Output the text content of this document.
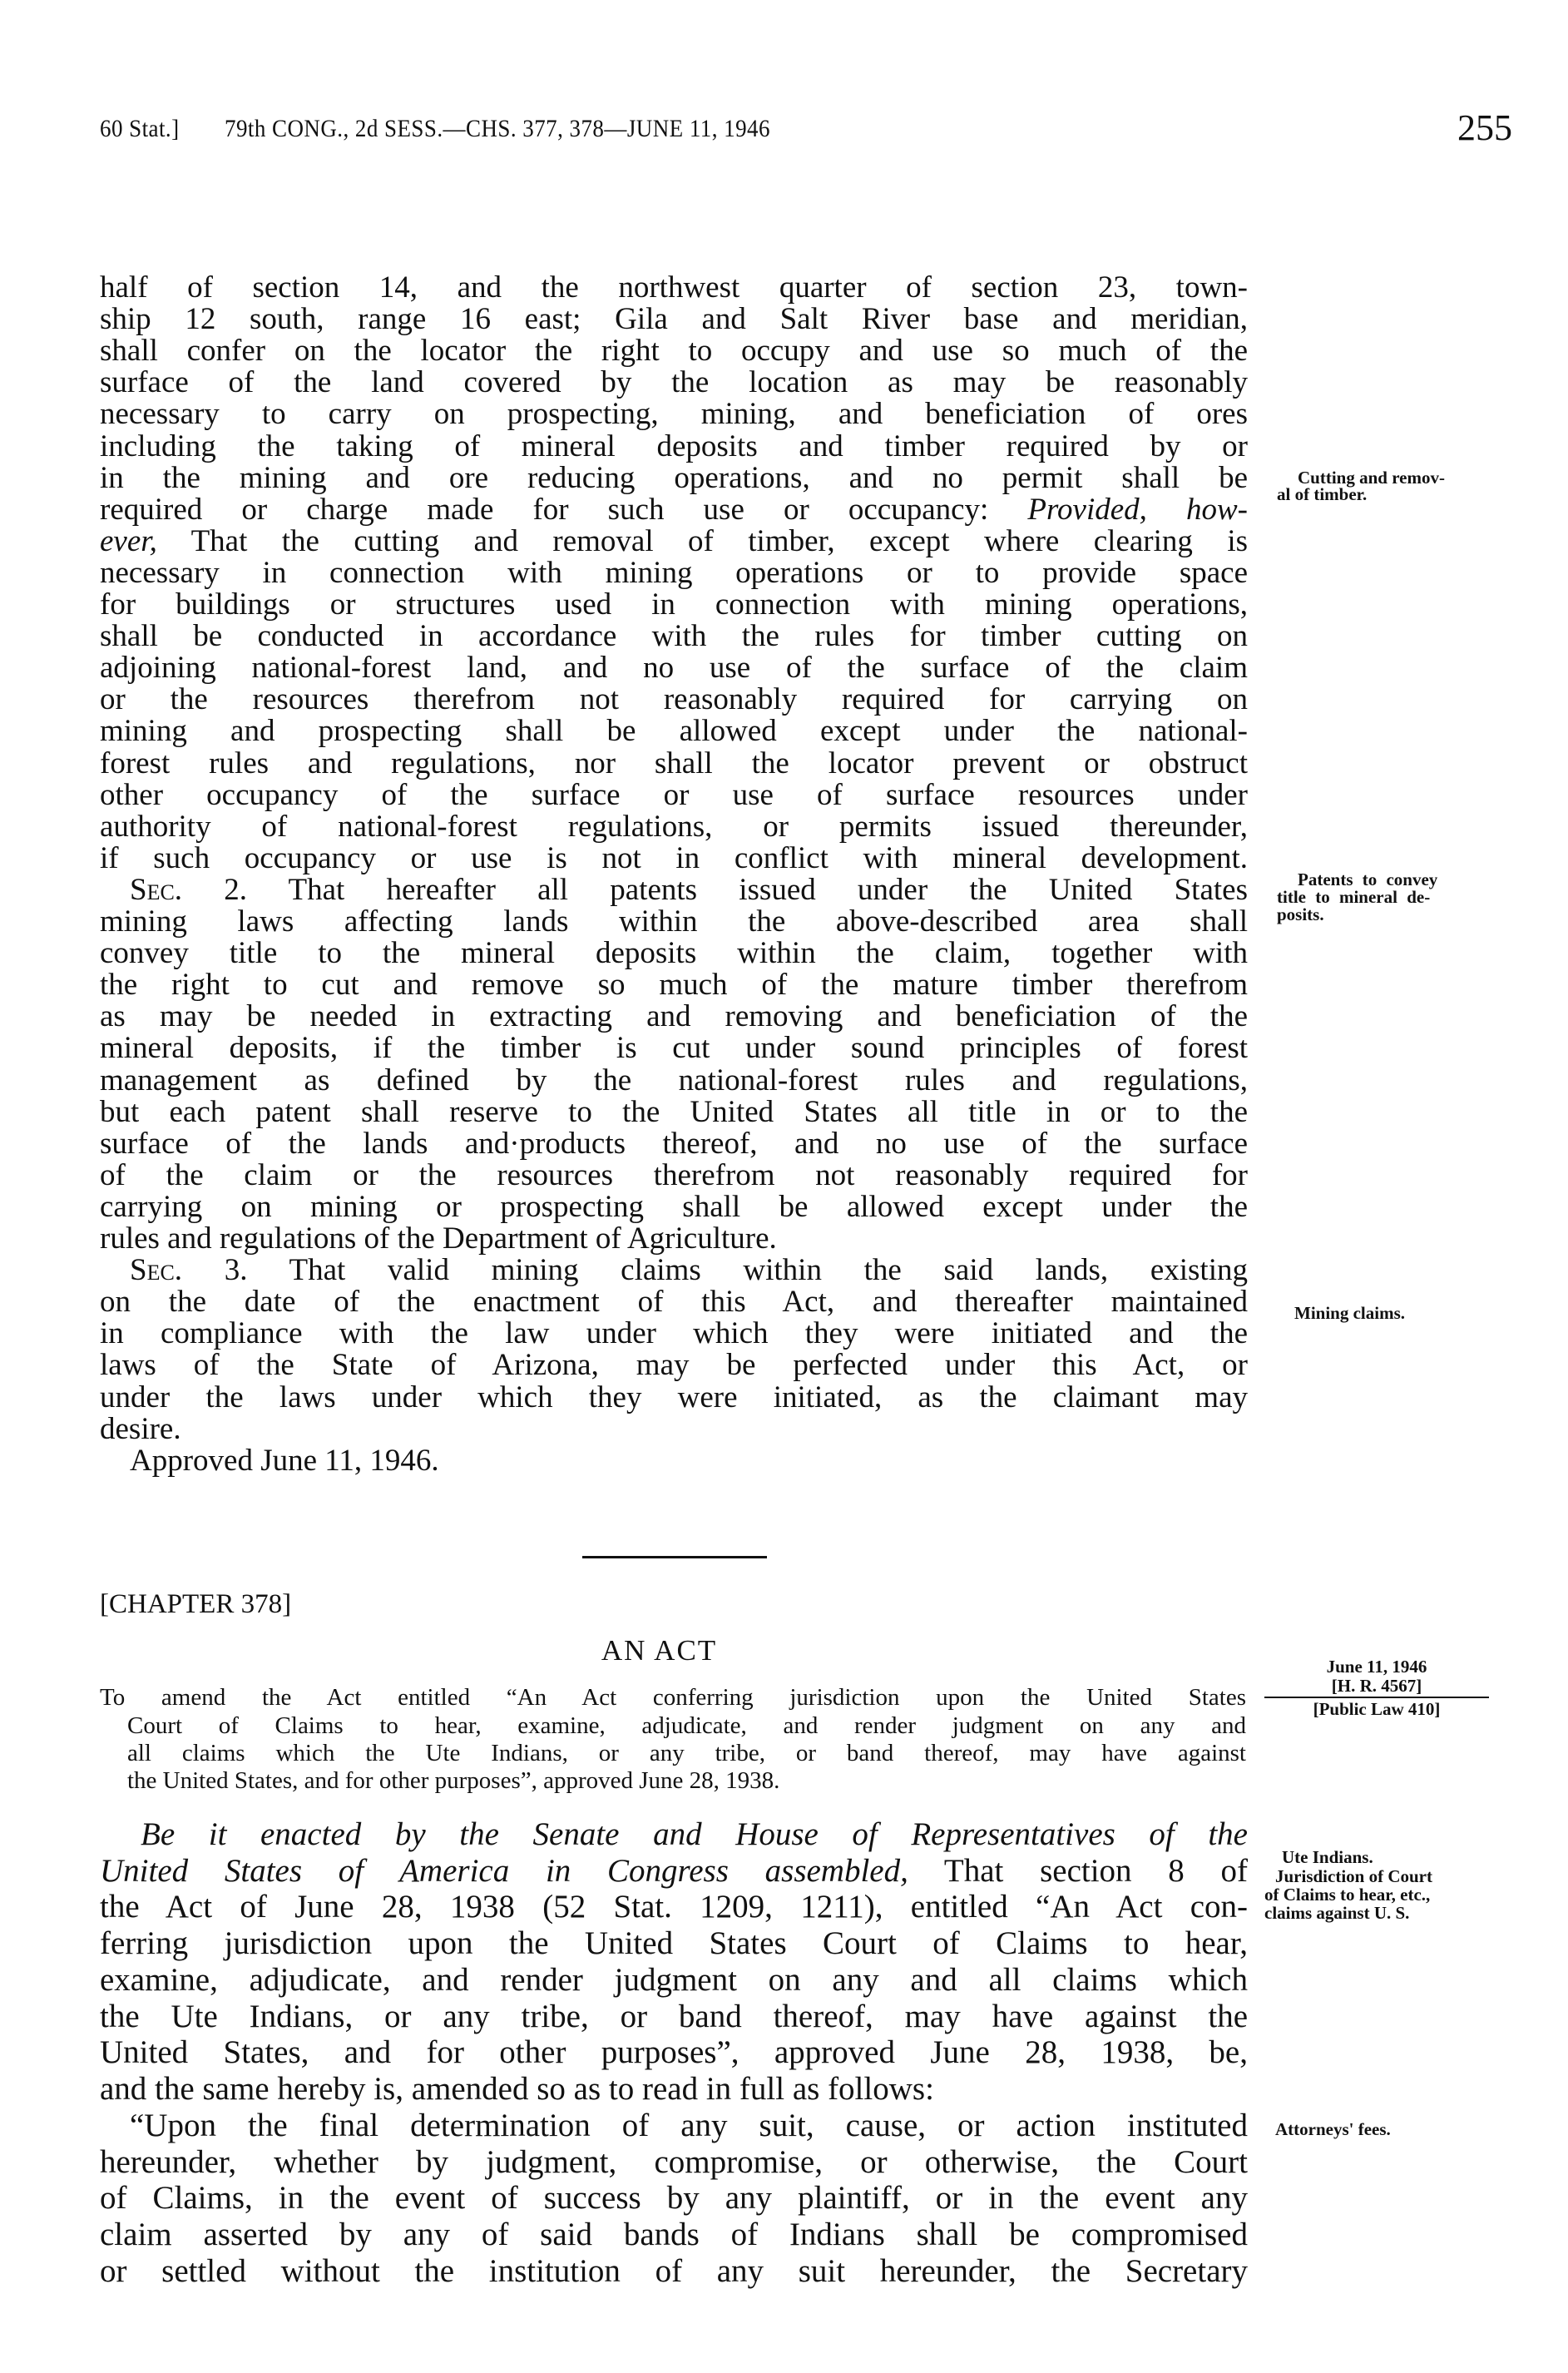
60 Stat.] 79th CONG., 2d SESS.—CHS. 377, 378—JUNE 11, 1946	255
half of section 14, and the northwest quarter of section 23, town-
ship 12 south, range 16 east; Gila and Salt River base and meridian,
shall confer on the locator the right to occupy and use so much of the
surface of the land covered by the location as may be reasonably
necessary to carry on prospecting, mining, and beneficiation of ores
including the taking of mineral deposits and timber required by or
in the mining and ore reducing operations, and no permit shall be
required or charge made for such use or occupancy: Provided, how-
ever, That the cutting and removal of timber, except where clearing is
necessary in connection with mining operations or to provide space
for buildings or structures used in connection with mining operations,
shall be conducted in accordance with the rules for timber cutting on
adjoining national-forest land, and no use of the surface of the claim
or the resources therefrom not reasonably required for carrying on
mining and prospecting shall be allowed except under the national-
forest rules and regulations, nor shall the locator prevent or obstruct
other occupancy of the surface or use of surface resources under
authority of national-forest regulations, or permits issued thereunder,
if such occupancy or use is not in conflict with mineral development.
Sec. 2. That hereafter all patents issued under the United States
mining laws affecting lands within the above-described area shall
convey title to the mineral deposits within the claim, together with
the right to cut and remove so much of the mature timber therefrom
as may be needed in extracting and removing and beneficiation of the
mineral deposits, if the timber is cut under sound principles of forest
management as defined by the national-forest rules and regulations,
but each patent shall reserve to the United States all title in or to the
surface of the lands and·products thereof, and no use of the surface
of the claim or the resources therefrom not reasonably required for
carrying on mining or prospecting shall be allowed except under the
rules and regulations of the Department of Agriculture.
Sec. 3. That valid mining claims within the said lands, existing
on the date of the enactment of this Act, and thereafter maintained
in compliance with the law under which they were initiated and the
laws of the State of Arizona, may be perfected under this Act, or
under the laws under which they were initiated, as the claimant may
desire.
Approved June 11, 1946.
[CHAPTER 378]
AN ACT
To amend the Act entitled “An Act conferring jurisdiction upon the United States
Court of Claims to hear, examine, adjudicate, and render judgment on any and
all claims which the Ute Indians, or any tribe, or band thereof, may have against
the United States, and for other purposes”, approved June 28, 1938.
Be it enacted by the Senate and House of Representatives of the
United States of America in Congress assembled, That section 8 of
the Act of June 28, 1938 (52 Stat. 1209, 1211), entitled “An Act con-
ferring jurisdiction upon the United States Court of Claims to hear,
examine, adjudicate, and render judgment on any and all claims which
the Ute Indians, or any tribe, or band thereof, may have against the
United States, and for other purposes”, approved June 28, 1938, be,
and the same hereby is, amended so as to read in full as follows:
“Upon the final determination of any suit, cause, or action instituted
hereunder, whether by judgment, compromise, or otherwise, the Court
of Claims, in the event of success by any plaintiff, or in the event any
claim asserted by any of said bands of Indians shall be compromised
or settled without the institution of any suit hereunder, the Secretary
Cutting and remov-
al of timber.
Patents to convey
title to mineral de-
posits.
Mining claims.
June 11, 1946
[H. R. 4567]
[Public Law 410]
Ute Indians.
Jurisdiction of Court
of Claims to hear, etc.,
claims against U. S.
Attorneys' fees.
